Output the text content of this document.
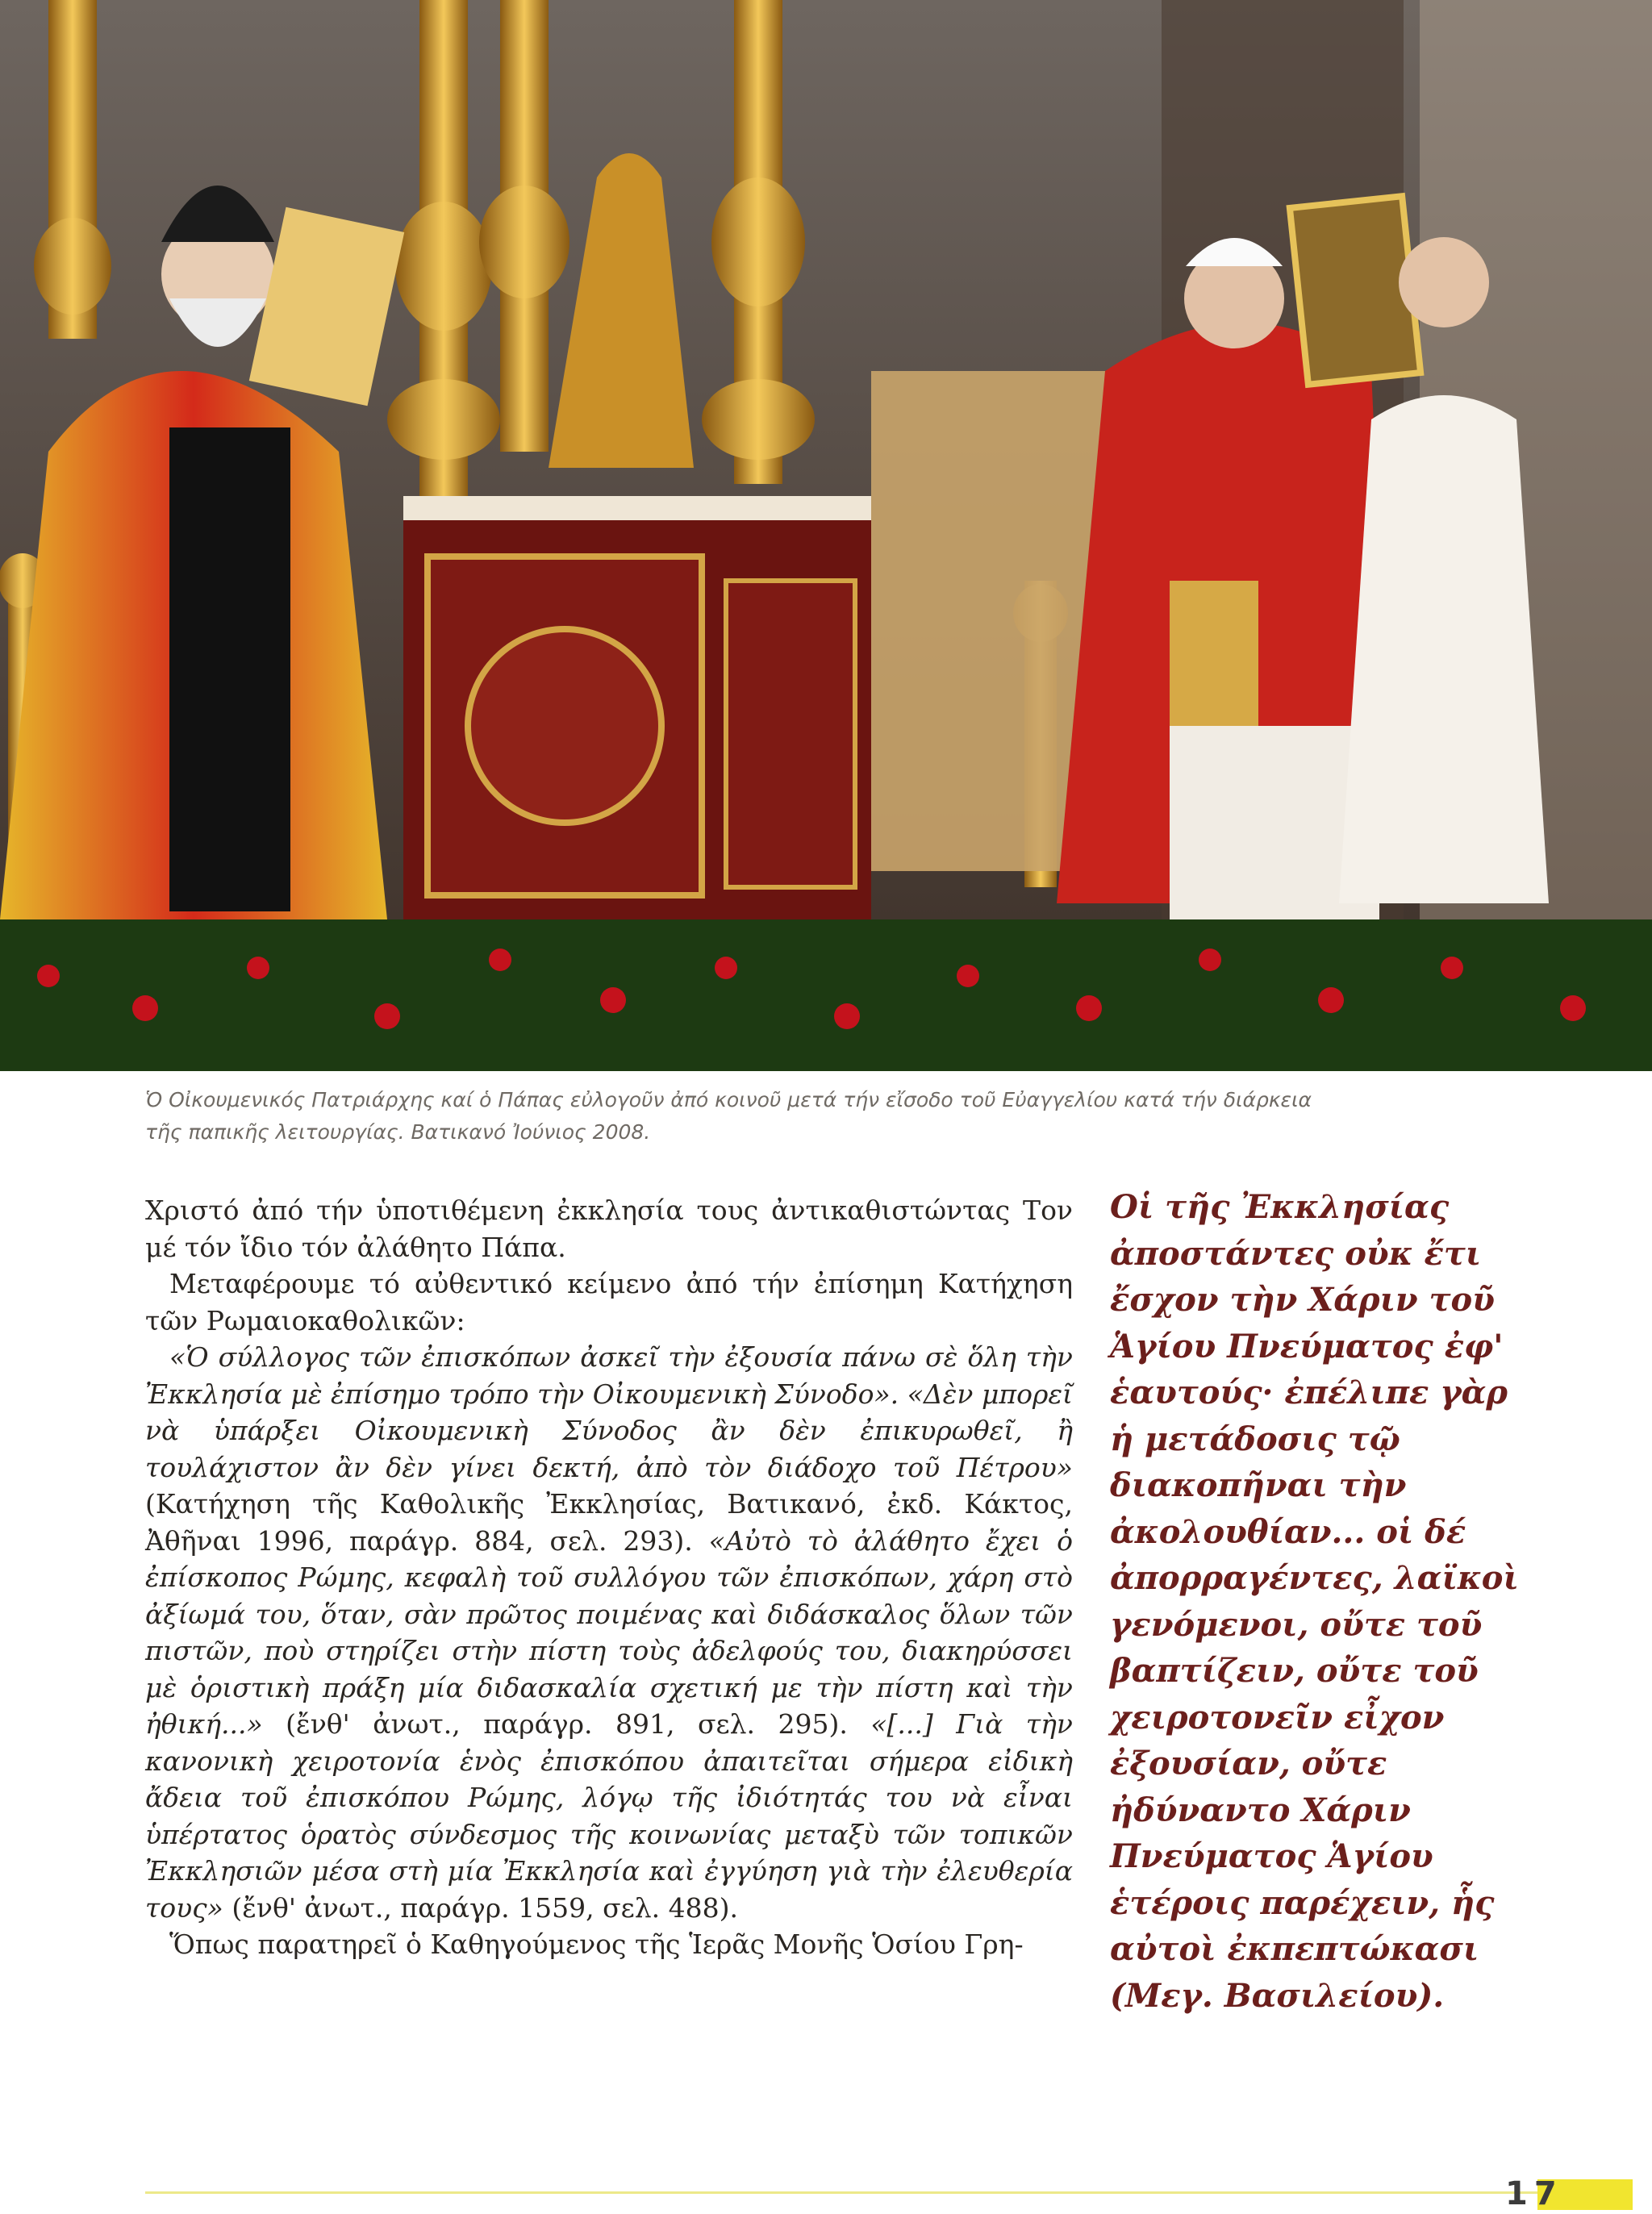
Ὁ Οἰκουμενικός Πατριάρχης καί ὁ Πάπας εὐλογοῦν ἀπό κοινοῦ μετά τήν εἴσοδο τοῦ Εὐαγγελίου κατά τήν διάρκεια
τῆς παπικῆς λειτουργίας. Βατικανό Ἰούνιος 2008.

Χριστό ἀπό τήν ὑποτιθέμενη ἐκκλησία τους ἀντικαθιστώντας Τον μέ τόν ἴδιο τόν ἀλάθητο Πάπα.

Μεταφέρουμε τό αὐθεντικό κείμενο ἀπό τήν ἐπίσημη Κατήχηση τῶν Ρωμαιοκαθολικῶν:

«Ὁ σύλλογος τῶν ἐπισκόπων ἀσκεῖ τὴν ἐξουσία πάνω σὲ ὅλη τὴν Ἐκκλησία μὲ ἐπίσημο τρόπο τὴν Οἰκουμενικὴ Σύνοδο». «Δὲν μπορεῖ νὰ ὑπάρξει Οἰκουμενικὴ Σύνοδος ἂν δὲν ἐπικυρωθεῖ, ἢ τουλάχιστον ἂν δὲν γίνει δεκτή, ἀπὸ τὸν διάδοχο τοῦ Πέτρου» (Κατήχηση τῆς Καθολικῆς Ἐκκλησίας, Βατικανό, ἐκδ. Κάκτος, Ἀθῆναι 1996, παράγρ. 884, σελ. 293). «Αὐτὸ τὸ ἀλάθητο ἔχει ὁ ἐπίσκοπος Ρώμης, κεφαλὴ τοῦ συλλόγου τῶν ἐπισκόπων, χάρη στὸ ἀξίωμά του, ὅταν, σὰν πρῶτος ποιμένας καὶ διδάσκαλος ὅλων τῶν πιστῶν, ποὺ στηρίζει στὴν πίστη τοὺς ἀδελφούς του, διακηρύσσει μὲ ὁριστικὴ πράξη μία διδασκαλία σχετική με τὴν πίστη καὶ τὴν ἠθική...» (ἔνθ' ἀνωτ., παράγρ. 891, σελ. 295). «[...] Γιὰ τὴν κανονικὴ χειροτονία ἑνὸς ἐπισκόπου ἀπαιτεῖται σήμερα εἰδικὴ ἄδεια τοῦ ἐπισκόπου Ρώμης, λόγῳ τῆς ἰδιότητάς του νὰ εἶναι ὑπέρτατος ὁρατὸς σύνδεσμος τῆς κοινωνίας μεταξὺ τῶν τοπικῶν Ἐκκλησιῶν μέσα στὴ μία Ἐκκλησία καὶ ἐγγύηση γιὰ τὴν ἐλευθερία τους» (ἔνθ' ἀνωτ., παράγρ. 1559, σελ. 488).

Ὅπως παρατηρεῖ ὁ Καθηγούμενος τῆς Ἱερᾶς Μονῆς Ὁσίου Γρη-

Οἱ τῆς Ἐκκλησίας ἀποστάντες οὐκ ἔτι ἔσχον τὴν Χάριν τοῦ Ἁγίου Πνεύματος ἐφ' ἑαυτούς· ἐπέλιπε γὰρ ἡ μετάδοσις τῷ διακοπῆναι τὴν ἀκολουθίαν... οἱ δέ ἀπορραγέντες, λαϊκοὶ γενόμενοι, οὔτε τοῦ βαπτίζειν, οὔτε τοῦ χειροτονεῖν εἶχον ἐξουσίαν, οὔτε ἠδύναντο Χάριν Πνεύματος Ἁγίου ἑτέροις παρέχειν, ἧς αὐτοὶ ἐκπεπτώκασι (Μεγ. Βασιλείου).
17
